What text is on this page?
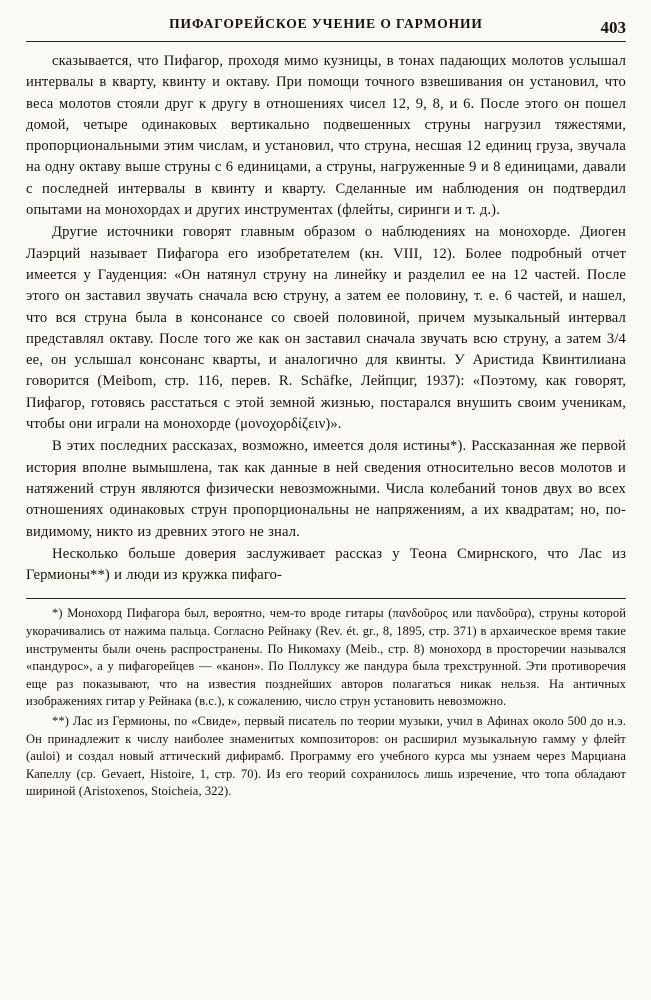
ПИФАГОРЕЙСКОЕ УЧЕНИЕ О ГАРМОНИИ	403

сказывается, что Пифагор, проходя мимо кузницы, в тонах падающих молотов услышал интервалы в кварту, квинту и октаву. При помощи точного взвешивания он установил, что веса молотов стояли друг к другу в отношениях чисел 12, 9, 8, и 6. После этого он пошел домой, четыре одинаковых вертикально подвешенных струны нагрузил тяжестями, пропорциональными этим числам, и установил, что струна, несшая 12 единиц груза, звучала на одну октаву выше струны с 6 единицами, а струны, нагруженные 9 и 8 единицами, давали с последней интервалы в квинту и кварту. Сделанные им наблюдения он подтвердил опытами на монохордах и других инструментах (флейты, сиринги и т. д.).

Другие источники говорят главным образом о наблюдениях на монохорде. Диоген Лаэрций называет Пифагора его изобретателем (кн. VIII, 12). Более подробный отчет имеется у Гауденция: «Он натянул струну на линейку и разделил ее на 12 частей. После этого он заставил звучать сначала всю струну, а затем ее половину, т. е. 6 частей, и нашел, что вся струна была в консонансе со своей половиной, причем музыкальный интервал представлял октаву. После того же как он заставил сначала звучать всю струну, а затем 3/4 ее, он услышал консонанс кварты, и аналогично для квинты. У Аристида Квинтилиана говорится (Meibom, стр. 116, перев. R. Schäfke, Лейпциг, 1937): «Поэтому, как говорят, Пифагор, готовясь расстаться с этой земной жизнью, постарался внушить своим ученикам, чтобы они играли на монохорде (μονοχορδίζειν)».

В этих последних рассказах, возможно, имеется доля истины*). Рассказанная же первой история вполне вымышлена, так как данные в ней сведения относительно весов молотов и натяжений струн являются физически невозможными. Числа колебаний тонов двух во всех отношениях одинаковых струн пропорциональны не напряжениям, а их квадратам; но, по-видимому, никто из древних этого не знал.

Несколько больше доверия заслуживает рассказ у Теона Смирнского, что Лас из Гермионы**) и люди из кружка пифаго-

*) Монохорд Пифагора был, вероятно, чем-то вроде гитары (πανδοῦρος или πανδοῦρα), струны которой укорачивались от нажима пальца. Согласно Рейнаку (Rev. ét. gr., 8, 1895, стр. 371) в архаическое время такие инструменты были очень распространены. По Никомаху (Meib., стр. 8) монохорд в просторечии назывался «пандурос», а у пифагорейцев — «канон». По Поллуксу же пандура была трехструнной. Эти противоречия еще раз показывают, что на известия позднейших авторов полагаться никак нельзя. На античных изображениях гитар у Рейнака (в.с.), к сожалению, число струн установить невозможно.

**) Лас из Гермионы, по «Свиде», первый писатель по теории музыки, учил в Афинах около 500 до н.э. Он принадлежит к числу наиболее знаменитых композиторов: он расширил музыкальную гамму у флейт (auloi) и создал новый аттический дифирамб. Программу его учебного курса мы узнаем через Марциана Капеллу (ср. Gevaert, Histoire, 1, стр. 70). Из его теорий сохранилось лишь изречение, что топа обладают шириной (Aristoxenos, Stoicheia, 322).
